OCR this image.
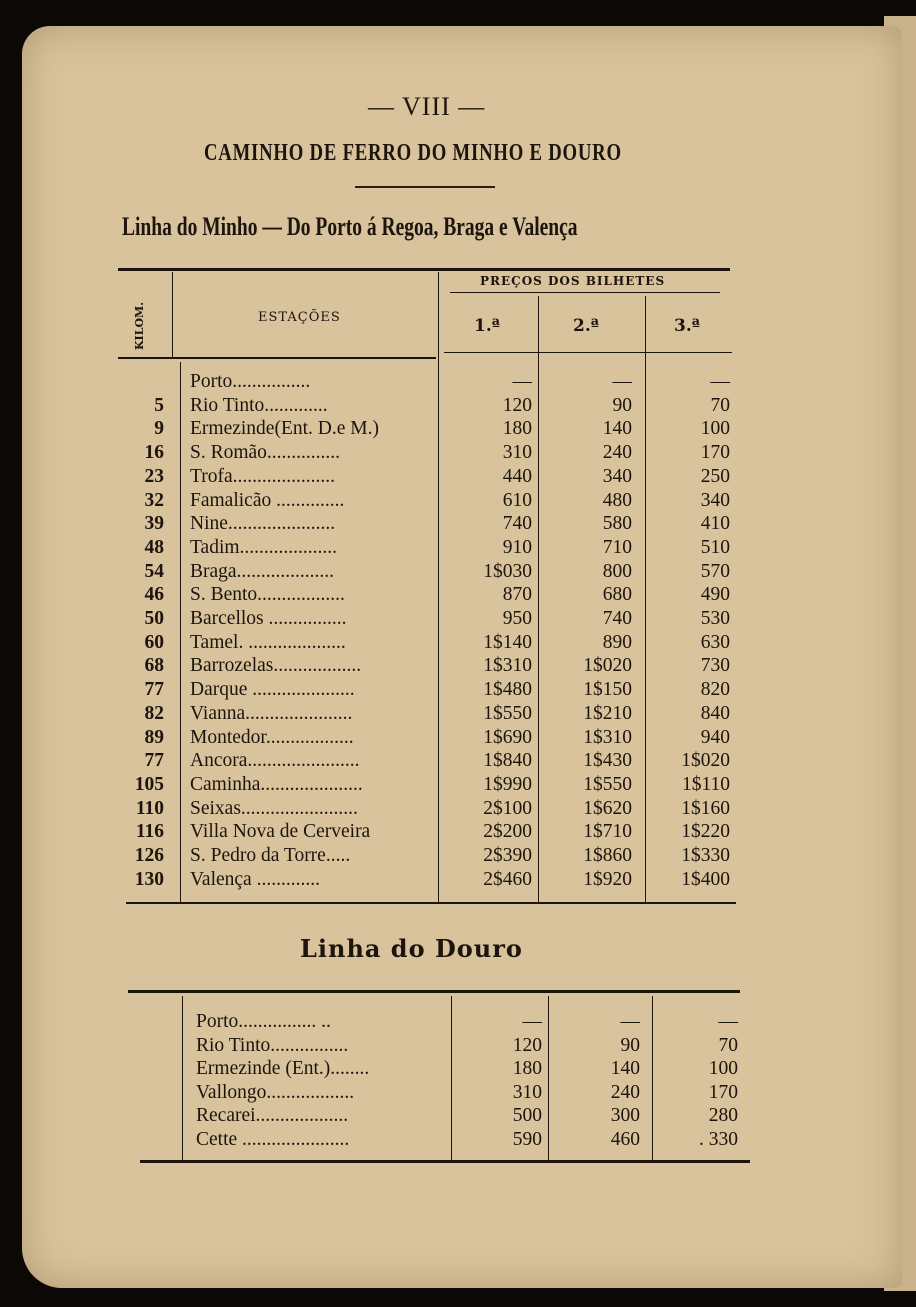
— VIII —
CAMINHO DE FERRO DO MINHO E DOURO
Linha do Minho — Do Porto á Regoa, Braga e Valença
KILOM.	ESTAÇÕES
PREÇOS DOS BILHETES
1.ª	2.ª	3.ª
Porto................	—	—	—
5 Rio Tinto.............	120	90	70
9 Ermezinde(Ent. D.e M.)	180	140	100
16 S. Romão...............	310	240	170
23 Trofa.....................	440	340	250
32 Famalicão ..............	610	480	340
39 Nine......................	740	580	410
48 Tadim....................	910	710	510
54 Braga....................	1$030	800	570
46 S. Bento..................	870	680	490
50 Barcellos ................	950	740	530
60 Tamel. ....................	1$140	890	630
68 Barrozelas..................	1$310	1$020	730
77 Darque .....................	1$480	1$150	820
82 Vianna......................	1$550	1$210	840
89 Montedor..................	1$690	1$310	940
77 Ancora.......................	1$840	1$430	1$020
105 Caminha.....................	1$990	1$550	1$110
110 Seixas........................	2$100	1$620	1$160
116 Villa Nova de Cerveira	2$200	1$710	1$220
126 S. Pedro da Torre.....	2$390	1$860	1$330
130 Valença .............	2$460	1$920	1$400
Linha do Douro
Porto................ ..	—	—	—
Rio Tinto................	120	90	70
Ermezinde (Ent.)........	180	140	100
Vallongo..................	310	240	170
Recarei...................	500	300	280
Cette ......................	590	460	. 330
